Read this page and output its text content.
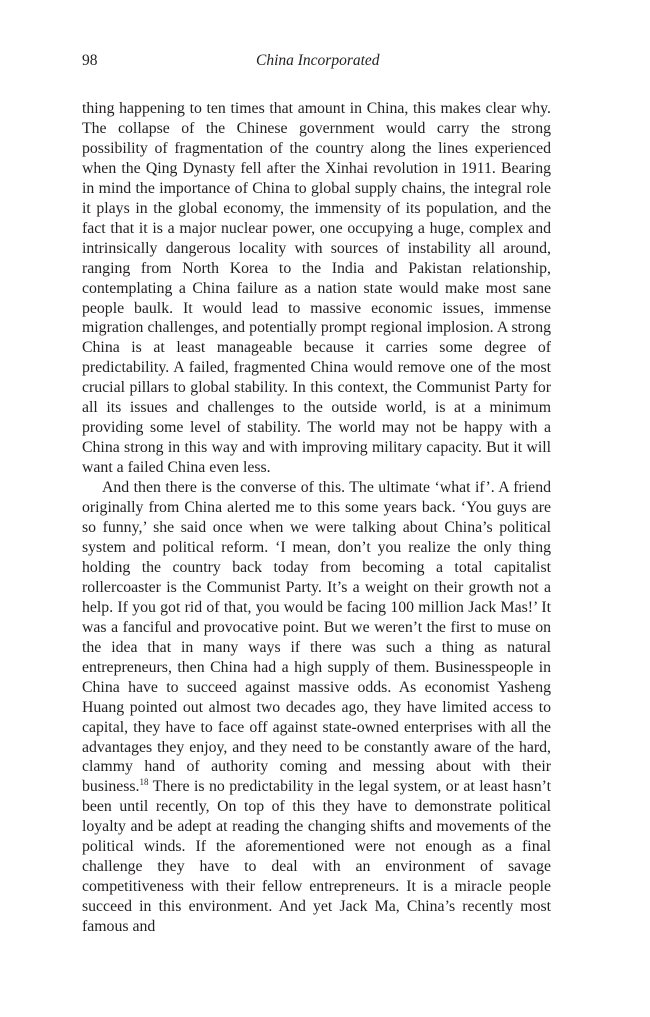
98	China Incorporated

thing happening to ten times that amount in China, this makes clear why. The collapse of the Chinese government would carry the strong possibility of fragmentation of the country along the lines experienced when the Qing Dynasty fell after the Xinhai revolution in 1911. Bearing in mind the importance of China to global supply chains, the integral role it plays in the global economy, the immensity of its population, and the fact that it is a major nuclear power, one occupying a huge, complex and intrinsically dangerous locality with sources of instability all around, ranging from North Korea to the India and Pakistan relationship, contemplating a China failure as a nation state would make most sane people baulk. It would lead to massive economic issues, immense migration challenges, and potentially prompt regional implosion. A strong China is at least manageable because it carries some degree of predictability. A failed, fragmented China would remove one of the most crucial pillars to global stability. In this context, the Communist Party for all its issues and challenges to the outside world, is at a minimum providing some level of stability. The world may not be happy with a China strong in this way and with improving military capacity. But it will want a failed China even less.

And then there is the converse of this. The ultimate ‘what if’. A friend originally from China alerted me to this some years back. ‘You guys are so funny,’ she said once when we were talking about China’s political system and political reform. ‘I mean, don’t you realize the only thing holding the country back today from becoming a total capitalist rollercoaster is the Communist Party. It’s a weight on their growth not a help. If you got rid of that, you would be facing 100 million Jack Mas!’ It was a fanciful and provocative point. But we weren’t the first to muse on the idea that in many ways if there was such a thing as natural entrepreneurs, then China had a high supply of them. Businesspeople in China have to succeed against massive odds. As economist Yasheng Huang pointed out almost two decades ago, they have limited access to capital, they have to face off against state-owned enterprises with all the advantages they enjoy, and they need to be constantly aware of the hard, clammy hand of authority coming and messing about with their business.$^{18}$ There is no predictability in the legal system, or at least hasn’t been until recently, On top of this they have to demonstrate political loyalty and be adept at reading the changing shifts and movements of the political winds. If the aforementioned were not enough as a final challenge they have to deal with an environment of savage competitiveness with their fellow entrepreneurs. It is a miracle people succeed in this environment. And yet Jack Ma, China’s recently most famous and
